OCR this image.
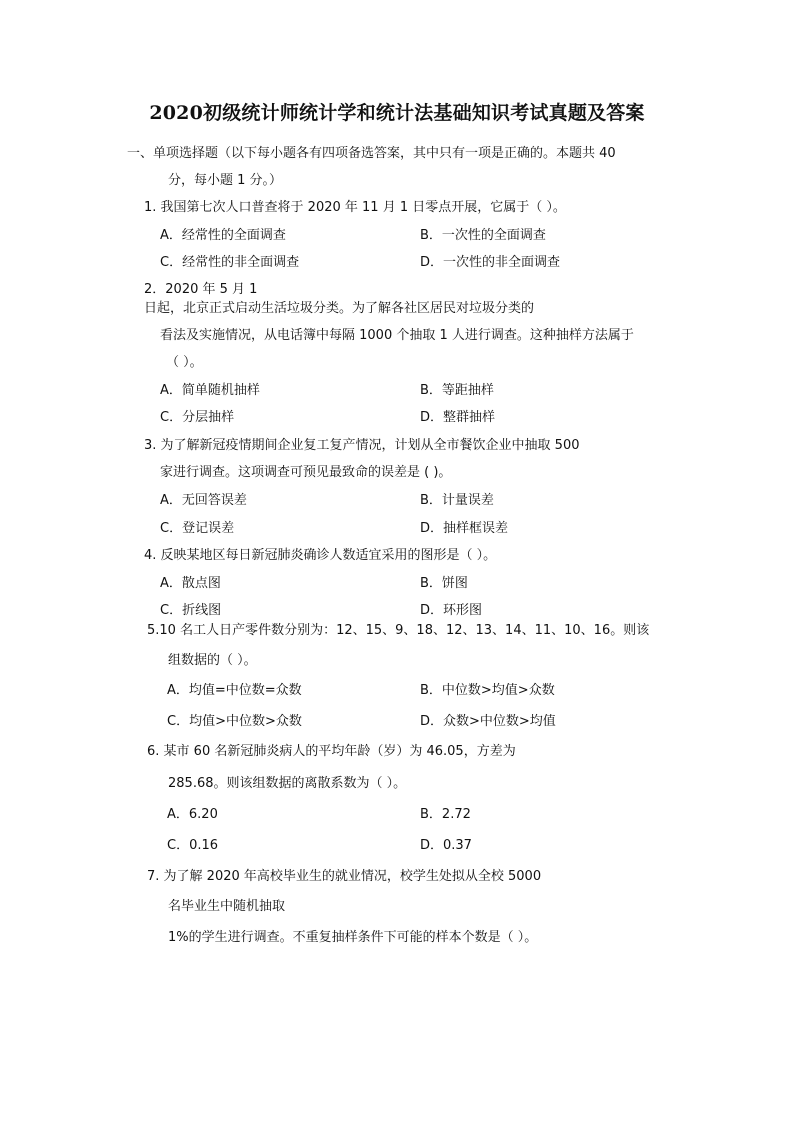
2020初级统计师统计学和统计法基础知识考试真题及答案
一、单项选择题（以下每小题各有四项备选答案，其中只有一项是正确的。本题共 40
分，每小题 1 分。）
1. 我国第七次人口普查将于 2020 年 11 月 1 日零点开展，它属于（ ）。
A．经常性的全面调查	B．一次性的全面调查
C．经常性的非全面调查	D．一次性的非全面调查
2．2020 年 5 月 1
日起，北京正式启动生活垃圾分类。为了解各社区居民对垃圾分类的
看法及实施情况，从电话簿中每隔 1000 个抽取 1 人进行调查。这种抽样方法属于
（ ）。
A．简单随机抽样	B．等距抽样
C．分层抽样	D．整群抽样
3. 为了解新冠疫情期间企业复工复产情况，计划从全市餐饮企业中抽取 500
家进行调查。这项调查可预见最致命的误差是 ( )。
A．无回答误差	B．计量误差
C．登记误差	D．抽样框误差
4. 反映某地区每日新冠肺炎确诊人数适宜采用的图形是（ ）。
A．散点图	B．饼图
C．折线图	D．环形图
5.10 名工人日产零件数分别为：12、15、9、18、12、13、14、11、10、16。则该
组数据的（ ）。
A．均值=中位数=众数	B．中位数>均值>众数
C．均值>中位数>众数	D．众数>中位数>均值
6. 某市 60 名新冠肺炎病人的平均年龄（岁）为 46.05，方差为
285.68。则该组数据的离散系数为（ ）。
A．6.20	B．2.72
C．0.16	D．0.37
7. 为了解 2020 年高校毕业生的就业情况，校学生处拟从全校 5000
名毕业生中随机抽取
1%的学生进行调查。不重复抽样条件下可能的样本个数是（ ）。
